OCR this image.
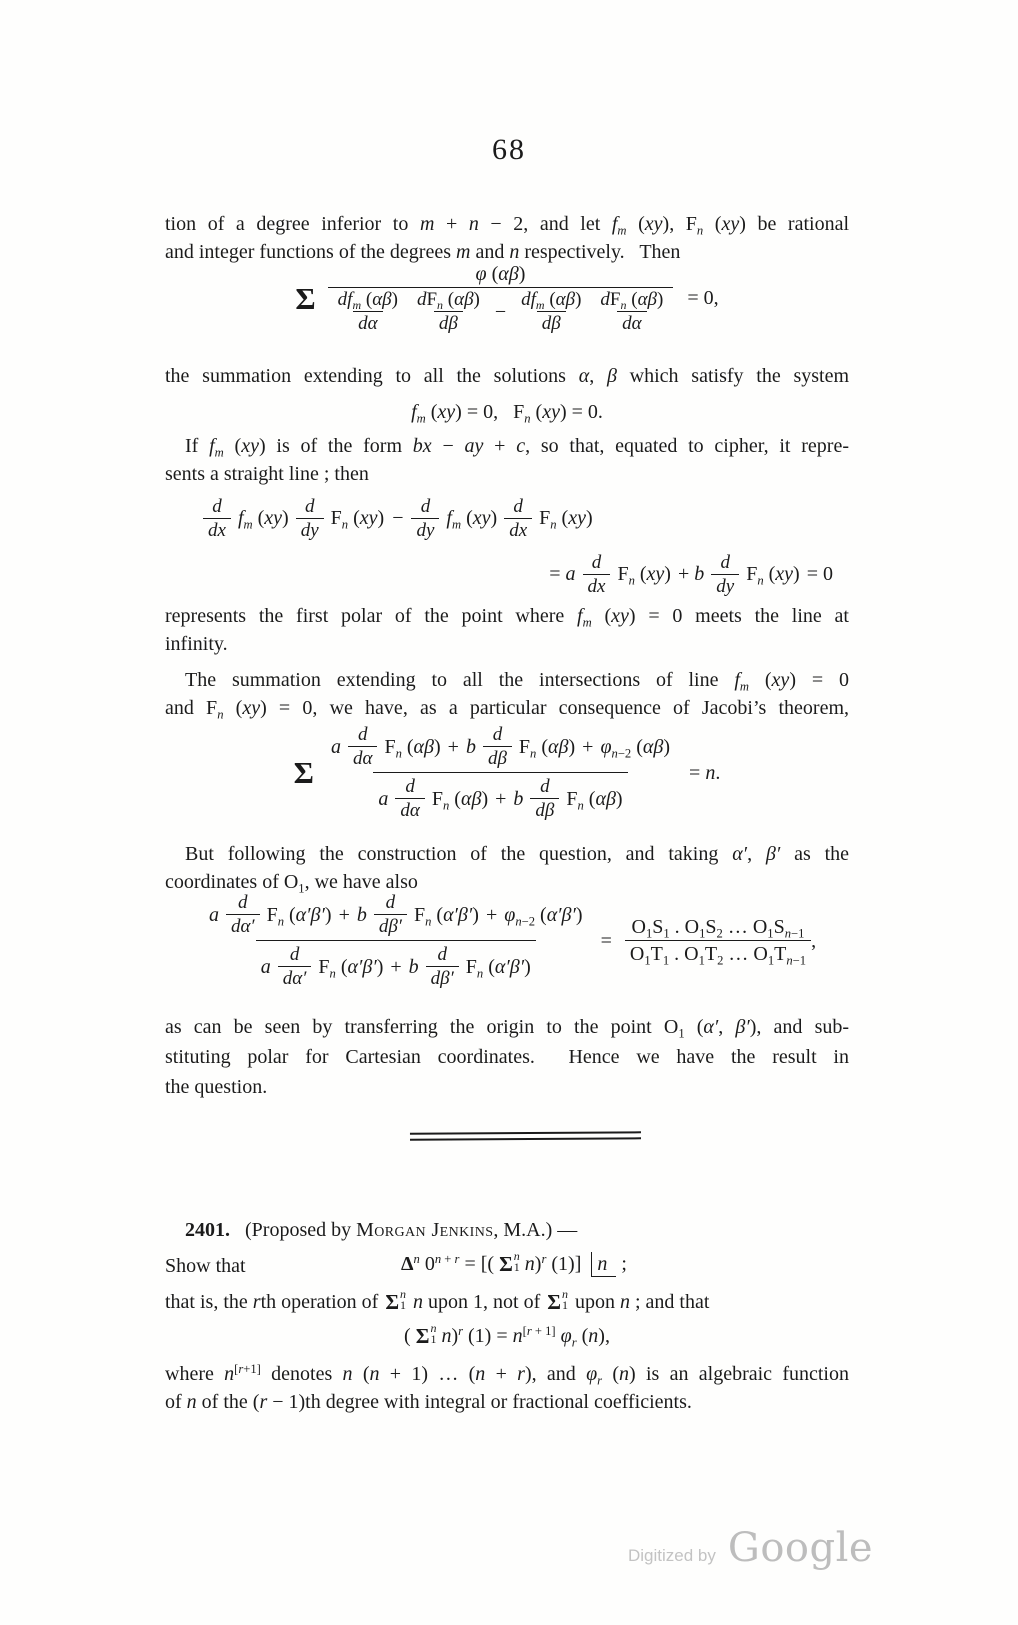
68
tion of a degree inferior to m + n − 2, and let $f_m$ (xy), $F_n$ (xy) be rational
and integer functions of the degrees m and n respectively.   Then
Σ
φ (αβ)
$df_m$ (αβ)
dα
$dF_n$ (αβ)
dβ
−
$df_m$ (αβ)
dβ
$dF_n$ (αβ)
dα
= 0,
the summation extending to all the solutions α, β which satisfy the system
$f_m$ (xy) = 0,   $F_n$ (xy) = 0.
If $f_m$ (xy) is of the form bx − ay + c, so that, equated to cipher, it repre-
sents a straight line ; then
d
dx
$f_m$ (xy)
d
dy
$F_n$ $(xy) - \frac{d}{dy} f_m$ (xy)
d
dx
$F_n$ (xy)
= a
d
dx
$F_n$ (xy) + b
d
dy
$F_n$ (xy) = 0
represents the first polar of the point where $f_m$ (xy) = 0 meets the line at
infinity.
The summation extending to all the intersections of line $f_m$ (xy) = 0
and $F_n$ (xy) = 0, we have, as a particular consequence of Jacobi’s theorem,
Σ
a
d
dα
$F_n$ (αβ) + b
d
dβ
$F_n$ $(\alpha\beta) + \varphi_{n-2}$ (αβ)
a
d
dα
$F_n$ (αβ) + b
d
dβ
$F_n$ (αβ)
= n.
But following the construction of the question, and taking α′, β′ as the
coordinates of $O_1$, we have also
a
d
dα′
$F_n$ (α′β′) + b
d
dβ′
$F_n$ $(\alpha'\beta') + \varphi_{n-2}$ (α′β′)
a
d
dα′
$F_n$ (α′β′) + b
d
dβ′
$F_n$ (α′β′)
= $\frac{O_1S_1 . O_1S_2 \dots O_1S_{n-1}}{O_1T_1 . O_1T_2 \dots O_1T_{n-1}}$ ,
as can be seen by transferring the origin to the point $O_1$ (α′, β′), and sub-
stituting polar for Cartesian coordinates.  Hence we have the result in
the question.
2401. (Proposed by Morgan Jenkins, M.A.) —
Show that	$\Delta^n$ $0^{n + r}$ = [( Σ n
1 n)$^r$ (1)] n ;
that is, the rth operation of Σ n
1 n upon 1, not of Σ n
1 upon n ; and that
( Σ n
1 n)$^r$ (1) = n[r + 1] $\varphi_r$ (n),
where n[r+1] denotes n (n + 1) … (n + r), and $\varphi_r$ (n) is an algebraic function
of n of the (r − 1)th degree with integral or fractional coefficients.
Digitized by Google
